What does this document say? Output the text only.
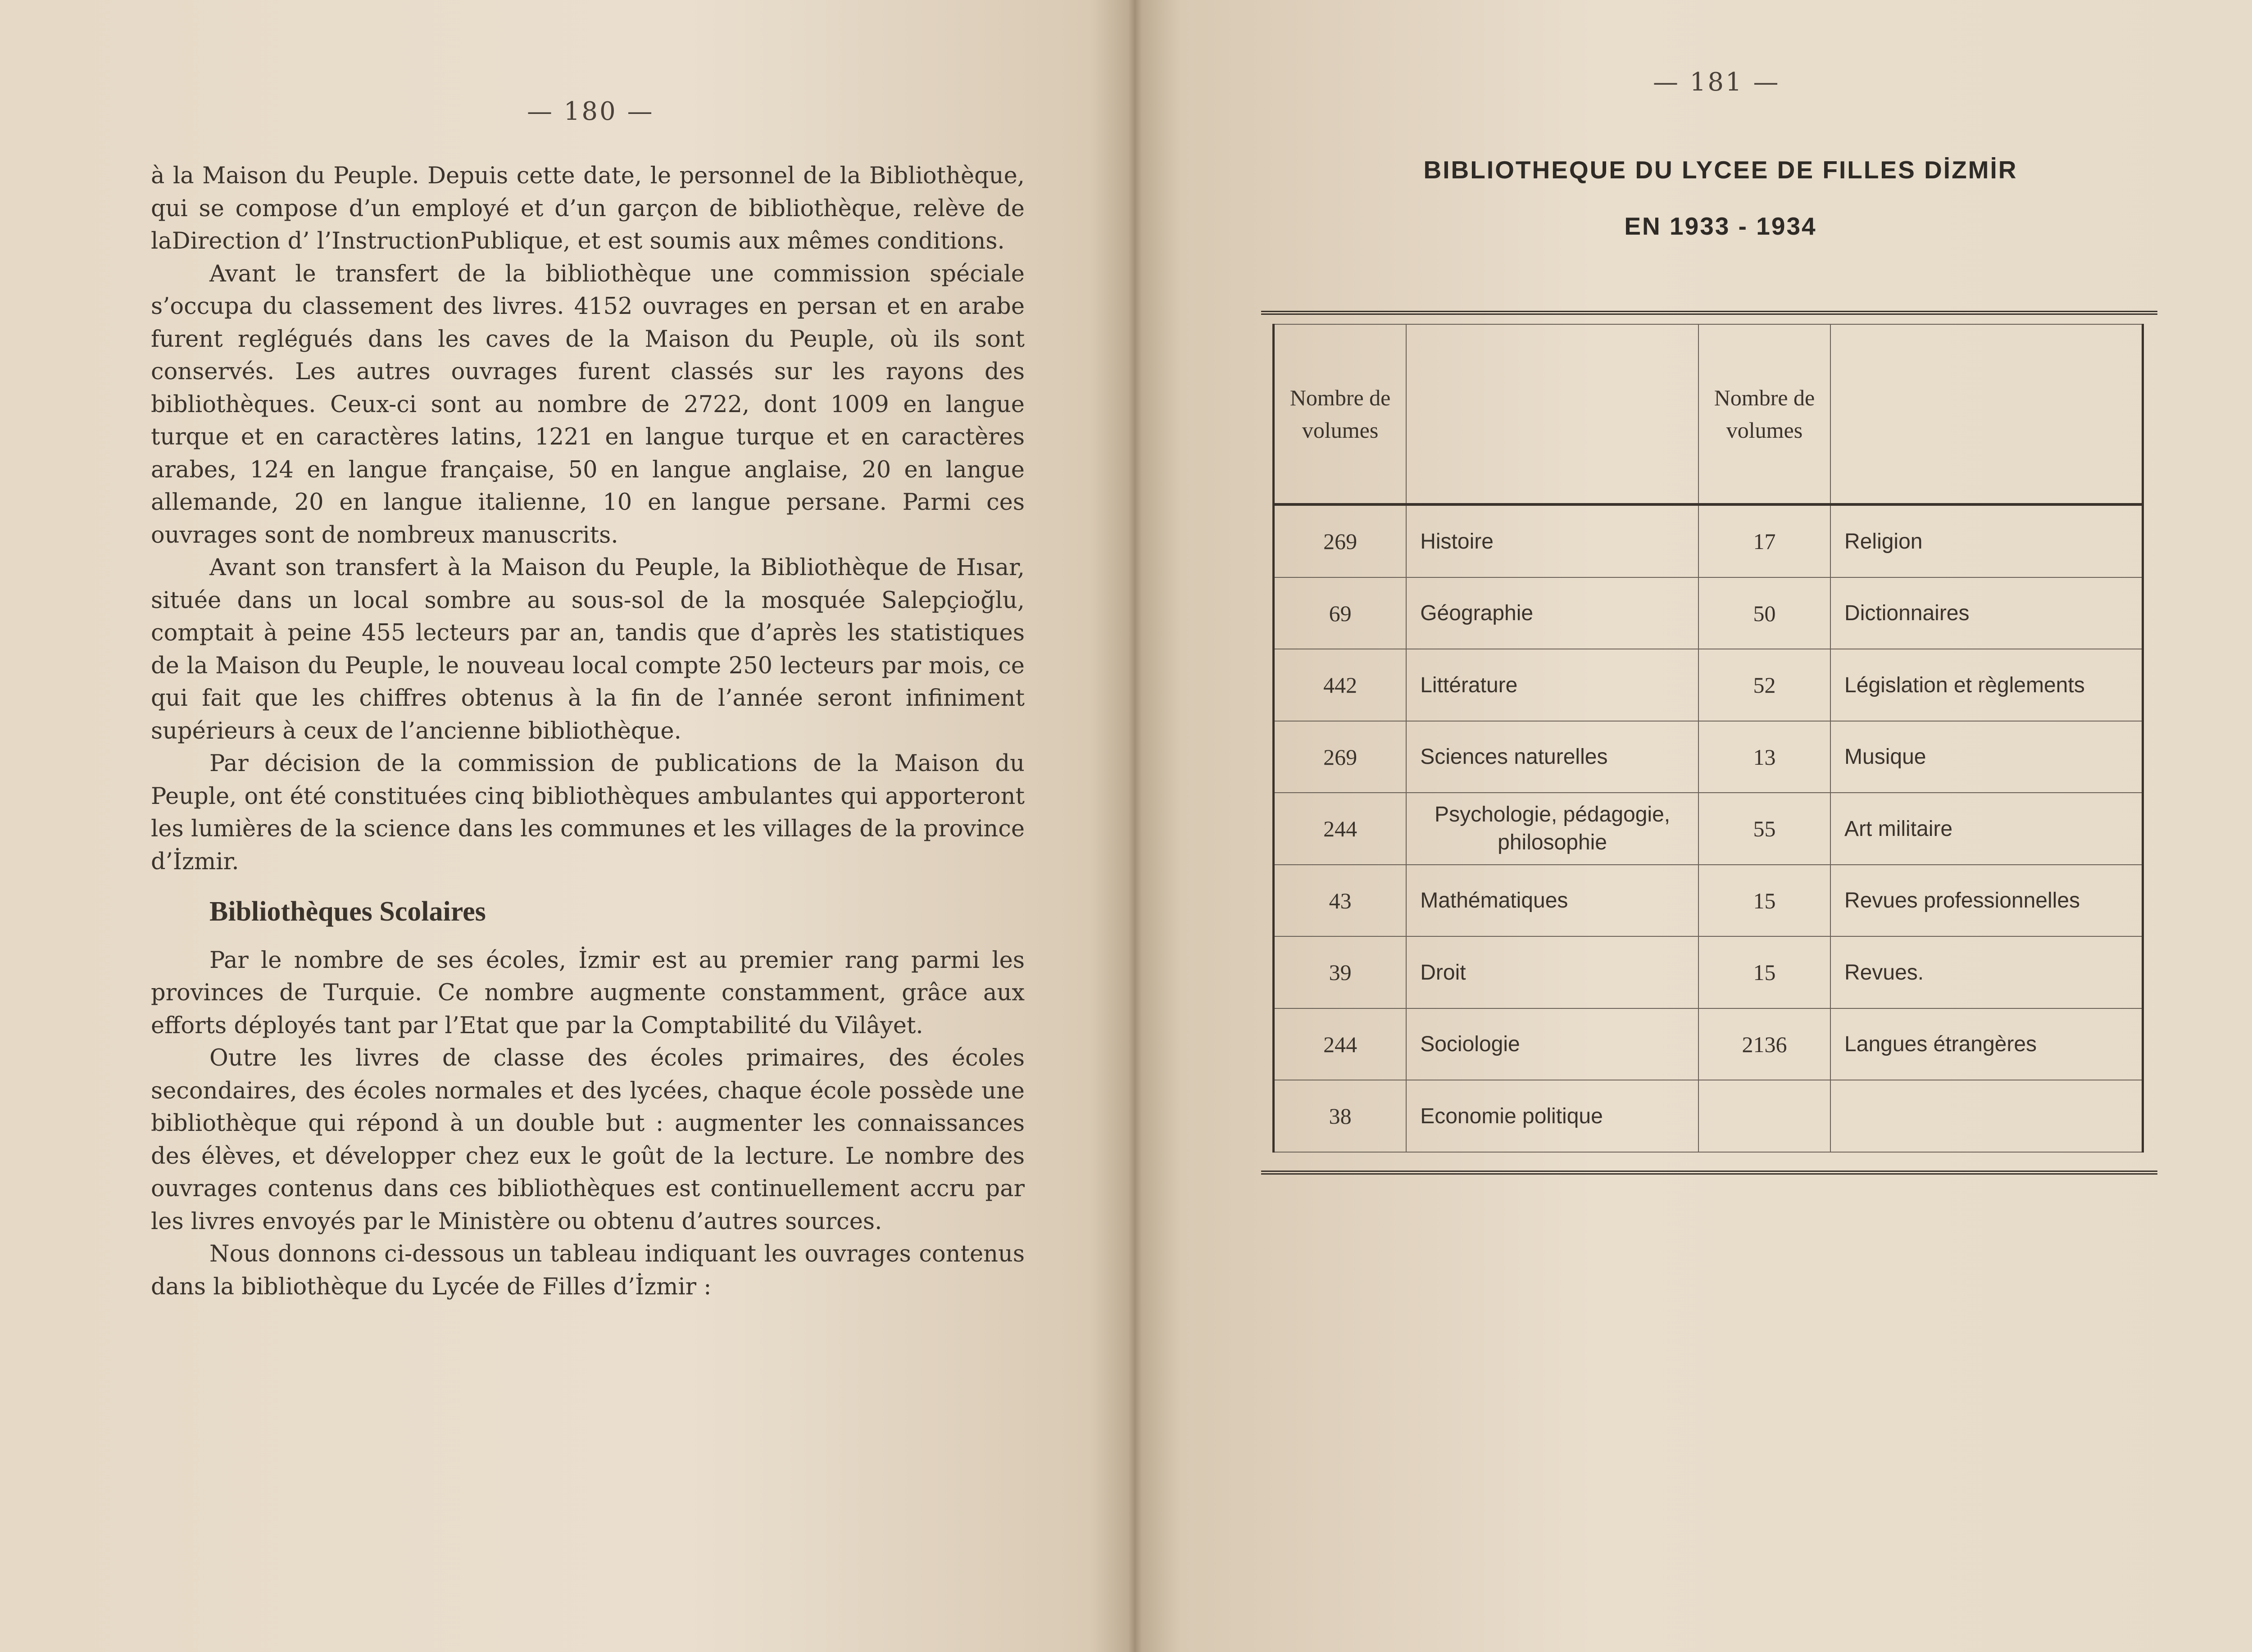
— 180 —

à la Maison du Peuple. Depuis cette date, le personnel de la Bibliothèque, qui se compose d’un employé et d’un garçon de bibliothèque, relève de laDirection d’ l’InstructionPublique, et est soumis aux mêmes conditions.

Avant le transfert de la bibliothèque une commission spéciale s’occupa du classement des livres. 4152 ouvrages en persan et en arabe furent reglégués dans les caves de la Maison du Peuple, où ils sont conservés. Les autres ouvrages furent classés sur les rayons des bibliothèques. Ceux-ci sont au nombre de 2722, dont 1009 en langue turque et en caractères latins, 1221 en langue turque et en caractères arabes, 124 en langue française, 50 en langue anglaise, 20 en langue allemande, 20 en langue italienne, 10 en langue persane. Parmi ces ouvrages sont de nombreux manuscrits.

Avant son transfert à la Maison du Peuple, la Bibliothèque de Hısar, située dans un local sombre au sous-sol de la mosquée Salepçioğlu, comptait à peine 455 lecteurs par an, tandis que d’après les statistiques de la Maison du Peuple, le nouveau local compte 250 lecteurs par mois, ce qui fait que les chiffres obtenus à la fin de l’année seront infiniment supérieurs à ceux de l’ancienne bibliothèque.

Par décision de la commission de publications de la Maison du Peuple, ont été constituées cinq bibliothèques ambulantes qui apporteront les lumières de la science dans les communes et les villages de la province d’İzmir.

Bibliothèques Scolaires

Par le nombre de ses écoles, İzmir est au premier rang parmi les provinces de Turquie. Ce nombre augmente constamment, grâce aux efforts déployés tant par l’Etat que par la Comptabilité du Vilâyet.

Outre les livres de classe des écoles primaires, des écoles secondaires, des écoles normales et des lycées, chaque école possède une bibliothèque qui répond à un double but : augmenter les connaissances des élèves, et développer chez eux le goût de la lecture. Le nombre des ouvrages contenus dans ces bibliothèques est continuellement accru par les livres envoyés par le Ministère ou obtenu d’autres sources.

Nous donnons ci-dessous un tableau indiquant les ouvrages contenus dans la bibliothèque du Lycée de Filles d’İzmir :

— 181 —
BIBLIOTHEQUE DU LYCEE DE FILLES DİZMİR
EN 1933 - 1934
Nombre de volumes		Nombre de volumes	
269	Histoire	17	Religion
69	Géographie	50	Dictionnaires
442	Littérature	52	Législation et règlements
269	Sciences naturelles	13	Musique
244	Psychologie, pédagogie, philosophie	55	Art militaire
43	Mathématiques	15	Revues professionnelles
39	Droit	15	Revues.
244	Sociologie	2136	Langues étrangères
38	Economie politique		
